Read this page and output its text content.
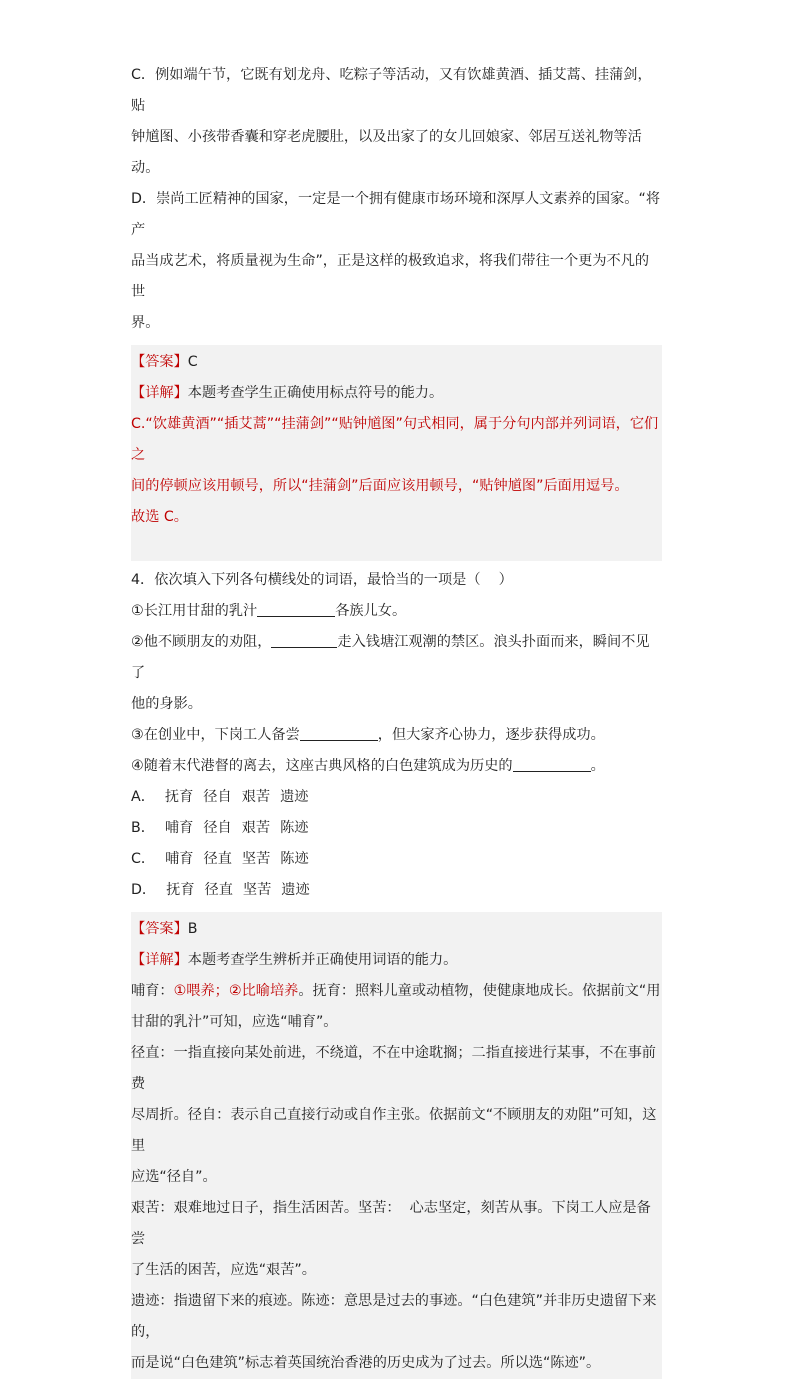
C．例如端午节，它既有划龙舟、吃粽子等活动，又有饮雄黄酒、插艾蒿、挂蒲剑，贴

钟馗图、小孩带香囊和穿老虎腰肚，以及出家了的女儿回娘家、邻居互送礼物等活动。

D．崇尚工匠精神的国家，一定是一个拥有健康市场环境和深厚人文素养的国家。“将产

品当成艺术，将质量视为生命”，正是这样的极致追求，将我们带往一个更为不凡的世

界。

【答案】C

【详解】本题考查学生正确使用标点符号的能力。

C.“饮雄黄酒”“插艾蒿”“挂蒲剑”“贴钟馗图”句式相同，属于分句内部并列词语，它们之

间的停顿应该用顿号，所以“挂蒲剑”后面应该用顿号，“贴钟馗图”后面用逗号。

故选 C。

4．依次填入下列各句横线处的词语，最恰当的一项是（    ）

①长江用甘甜的乳汁	各族儿女。

②他不顾朋友的劝阻，	走入钱塘江观潮的禁区。浪头扑面而来，瞬间不见了

他的身影。

③在创业中，下岗工人备尝	，但大家齐心协力，逐步获得成功。

④随着末代港督的离去，这座古典风格的白色建筑成为历史的	。

A． 抚育 径自 艰苦 遗迹

B． 哺育 径自 艰苦 陈迹

C． 哺育 径直 坚苦 陈迹

D． 抚育 径直 坚苦 遗迹

【答案】B

【详解】本题考查学生辨析并正确使用词语的能力。

哺育：①喂养；②比喻培养。抚育：照料儿童或动植物，使健康地成长。依据前文“用

甘甜的乳汁”可知，应选“哺育”。

径直：一指直接向某处前进，不绕道，不在中途耽搁；二指直接进行某事，不在事前费

尽周折。径自：表示自己直接行动或自作主张。依据前文“不顾朋友的劝阻”可知，这里

应选“径自”。

艰苦：艰难地过日子，指生活困苦。坚苦：  心志坚定，刻苦从事。下岗工人应是备尝

了生活的困苦，应选“艰苦”。

遗迹：指遗留下来的痕迹。陈迹：意思是过去的事迹。“白色建筑”并非历史遗留下来的，

而是说“白色建筑”标志着英国统治香港的历史成为了过去。所以选“陈迹”。
